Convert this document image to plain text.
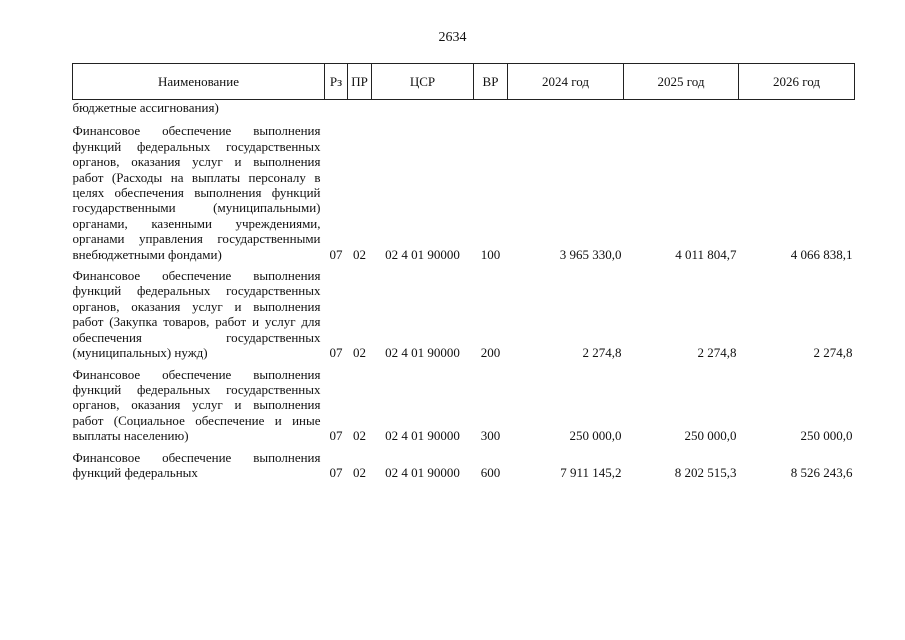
2634
Наименование	Рз	ПР	ЦСР	ВР	2024 год	2025 год	2026 год
бюджетные ассигнования)							
Финансовое обеспечение выполнения функций федеральных государственных органов, оказания услуг и выполнения работ (Расходы на выплаты персоналу в целях обеспечения выполнения функций государственными (муниципальными) органами, казенными учреждениями, органами управления государственными внебюджетными фондами)	07	02	02 4 01 90000	100	3 965 330,0	4 011 804,7	4 066 838,1
Финансовое обеспечение выполнения функций федеральных государственных органов, оказания услуг и выполнения работ (Закупка товаров, работ и услуг для обеспечения государственных (муниципальных) нужд)	07	02	02 4 01 90000	200	2 274,8	2 274,8	2 274,8
Финансовое обеспечение выполнения функций федеральных государственных органов, оказания услуг и выполнения работ (Социальное обеспечение и иные выплаты населению)	07	02	02 4 01 90000	300	250 000,0	250 000,0	250 000,0
Финансовое обеспечение выполнения функций федеральных	07	02	02 4 01 90000	600	7 911 145,2	8 202 515,3	8 526 243,6
